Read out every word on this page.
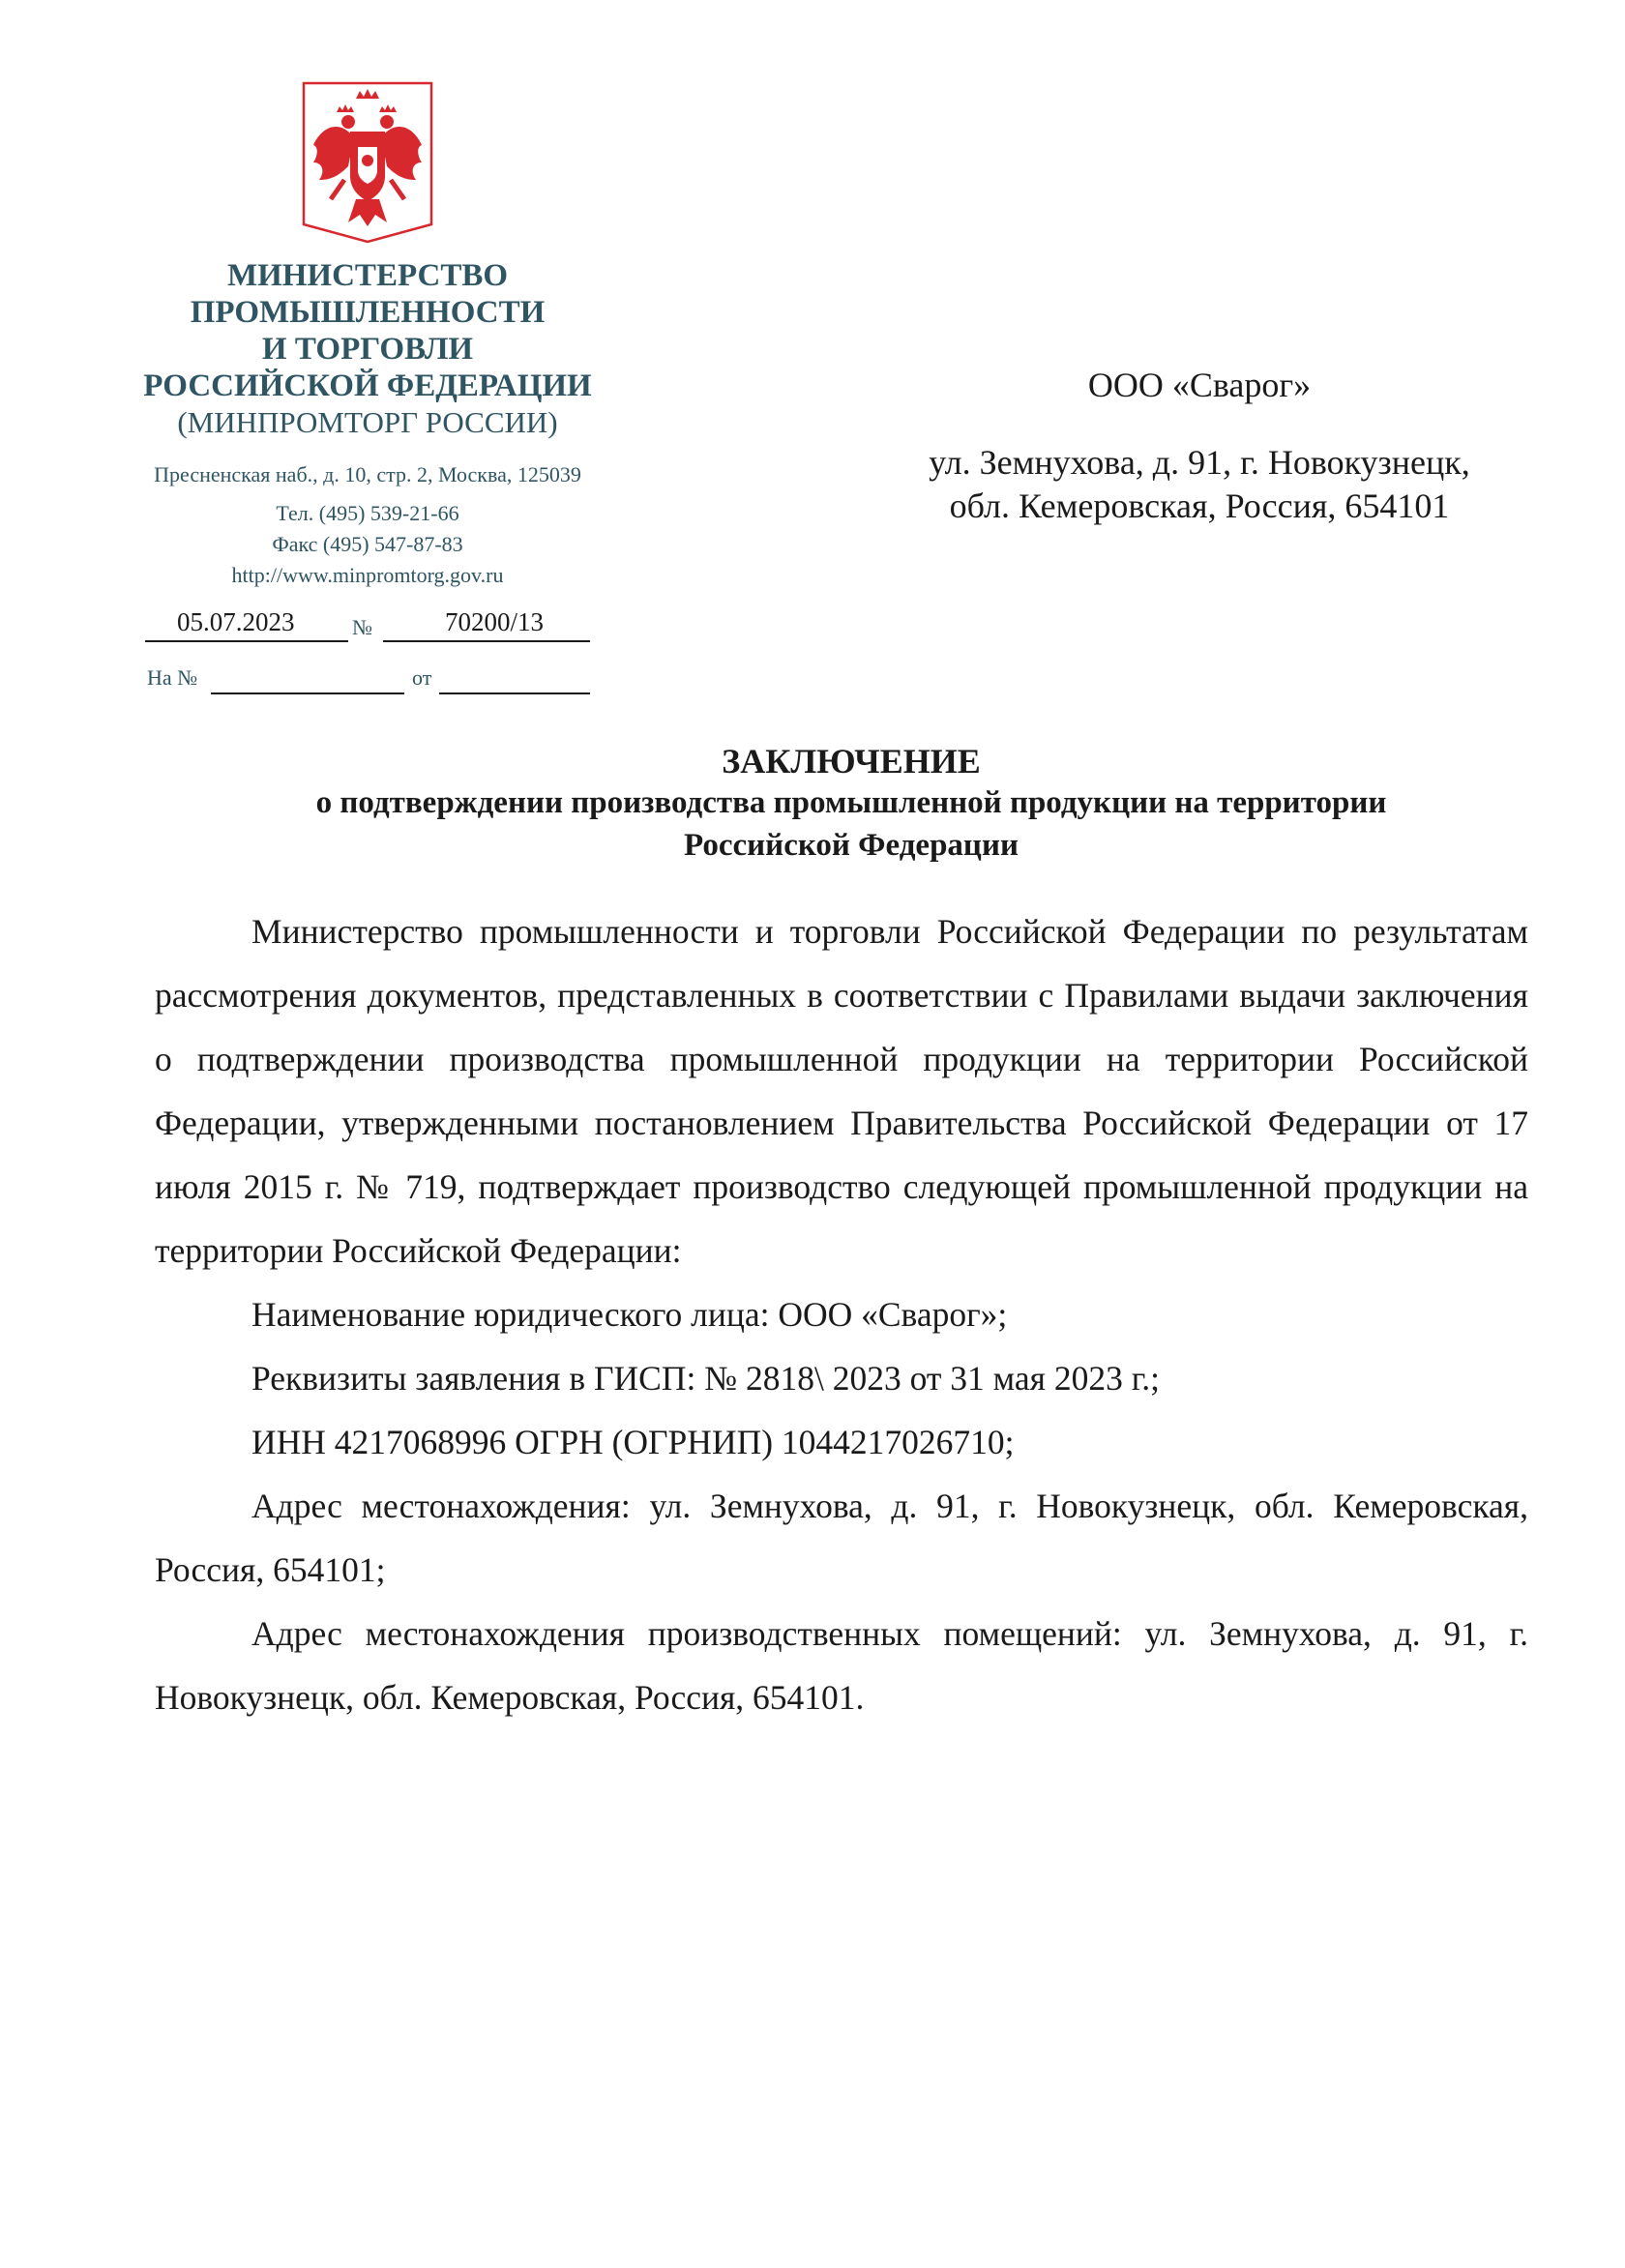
МИНИСТЕРСТВО
ПРОМЫШЛЕННОСТИ
И ТОРГОВЛИ
РОССИЙСКОЙ ФЕДЕРАЦИИ
(МИНПРОМТОРГ РОССИИ)
Пресненская наб., д. 10, стр. 2, Москва, 125039
Тел. (495) 539-21-66
Факс (495) 547-87-83
http://www.minpromtorg.gov.ru
05.07.2023	№	70200/13
На №	от
ООО «Сварог»
ул. Земнухова, д. 91, г. Новокузнецк,
обл. Кемеровская, Россия, 654101
ЗАКЛЮЧЕНИЕ
о подтверждении производства промышленной продукции на территории
Российской Федерации

Министерство промышленности и торговли Российской Федерации по результатам рассмотрения документов, представленных в соответствии с Правилами выдачи заключения о подтверждении производства промышленной продукции на территории Российской Федерации, утвержденными постановлением Правительства Российской Федерации от 17 июля 2015 г. № 719, подтверждает производство следующей промышленной продукции на территории Российской Федерации:

Наименование юридического лица: ООО «Сварог»;

Реквизиты заявления в ГИСП: № 2818\ 2023 от 31 мая 2023 г.;

ИНН 4217068996 ОГРН (ОГРНИП) 1044217026710;

Адрес местонахождения: ул. Земнухова, д. 91, г. Новокузнецк, обл. Кемеровская, Россия, 654101;

Адрес местонахождения производственных помещений: ул. Земнухова, д. 91, г. Новокузнецк, обл. Кемеровская, Россия, 654101.
